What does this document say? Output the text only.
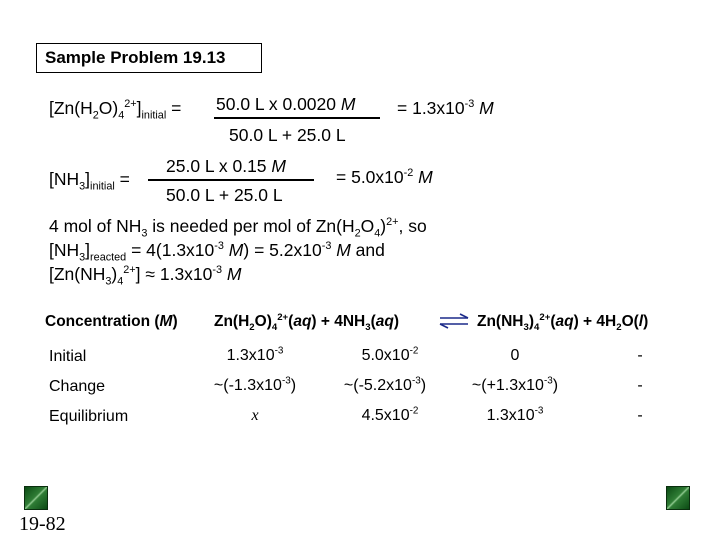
Sample Problem 19.13
$[Zn(H_2O)_4^{2+}]_{initial} = 50.0$ L x 0.0020 M
50.0 L + 25.0 L
= $1.3x10^{-3}$ M
$[NH_3]_{initial}$ =
25.0 L x 0.15 M
50.0 L + 25.0 L
= $5.0x10^{-2}$ M
4 mol of $NH_3$ is needed per mol of $Zn(H_2O_4)^{2+}$, so
$[NH_3]_{reacted} = 4(1.3x10^{-3}$ $M) = 5.2x10^{-3}$ M and
$[Zn(NH_3)_4^{2+}] \approx 1.3x10^{-3}$ M
Concentration (M) $Zn(H_2O)_4^{2+}(aq) + 4NH_3(aq)$ ⇌ $Zn(NH_3)_4^{2+}(aq) + 4H_2O(l)$
Initial	$1.3x10^{-3}$	$5.0x10^{-2}$	0	-
Change	$\sim(-1.3x10^{-3})$	$\sim(-5.2x10^{-3})$	$\sim(+1.3x10^{-3})$	-
Equilibrium	x	$4.5x10^{-2}$	$1.3x10^{-3}$	-
19-82
